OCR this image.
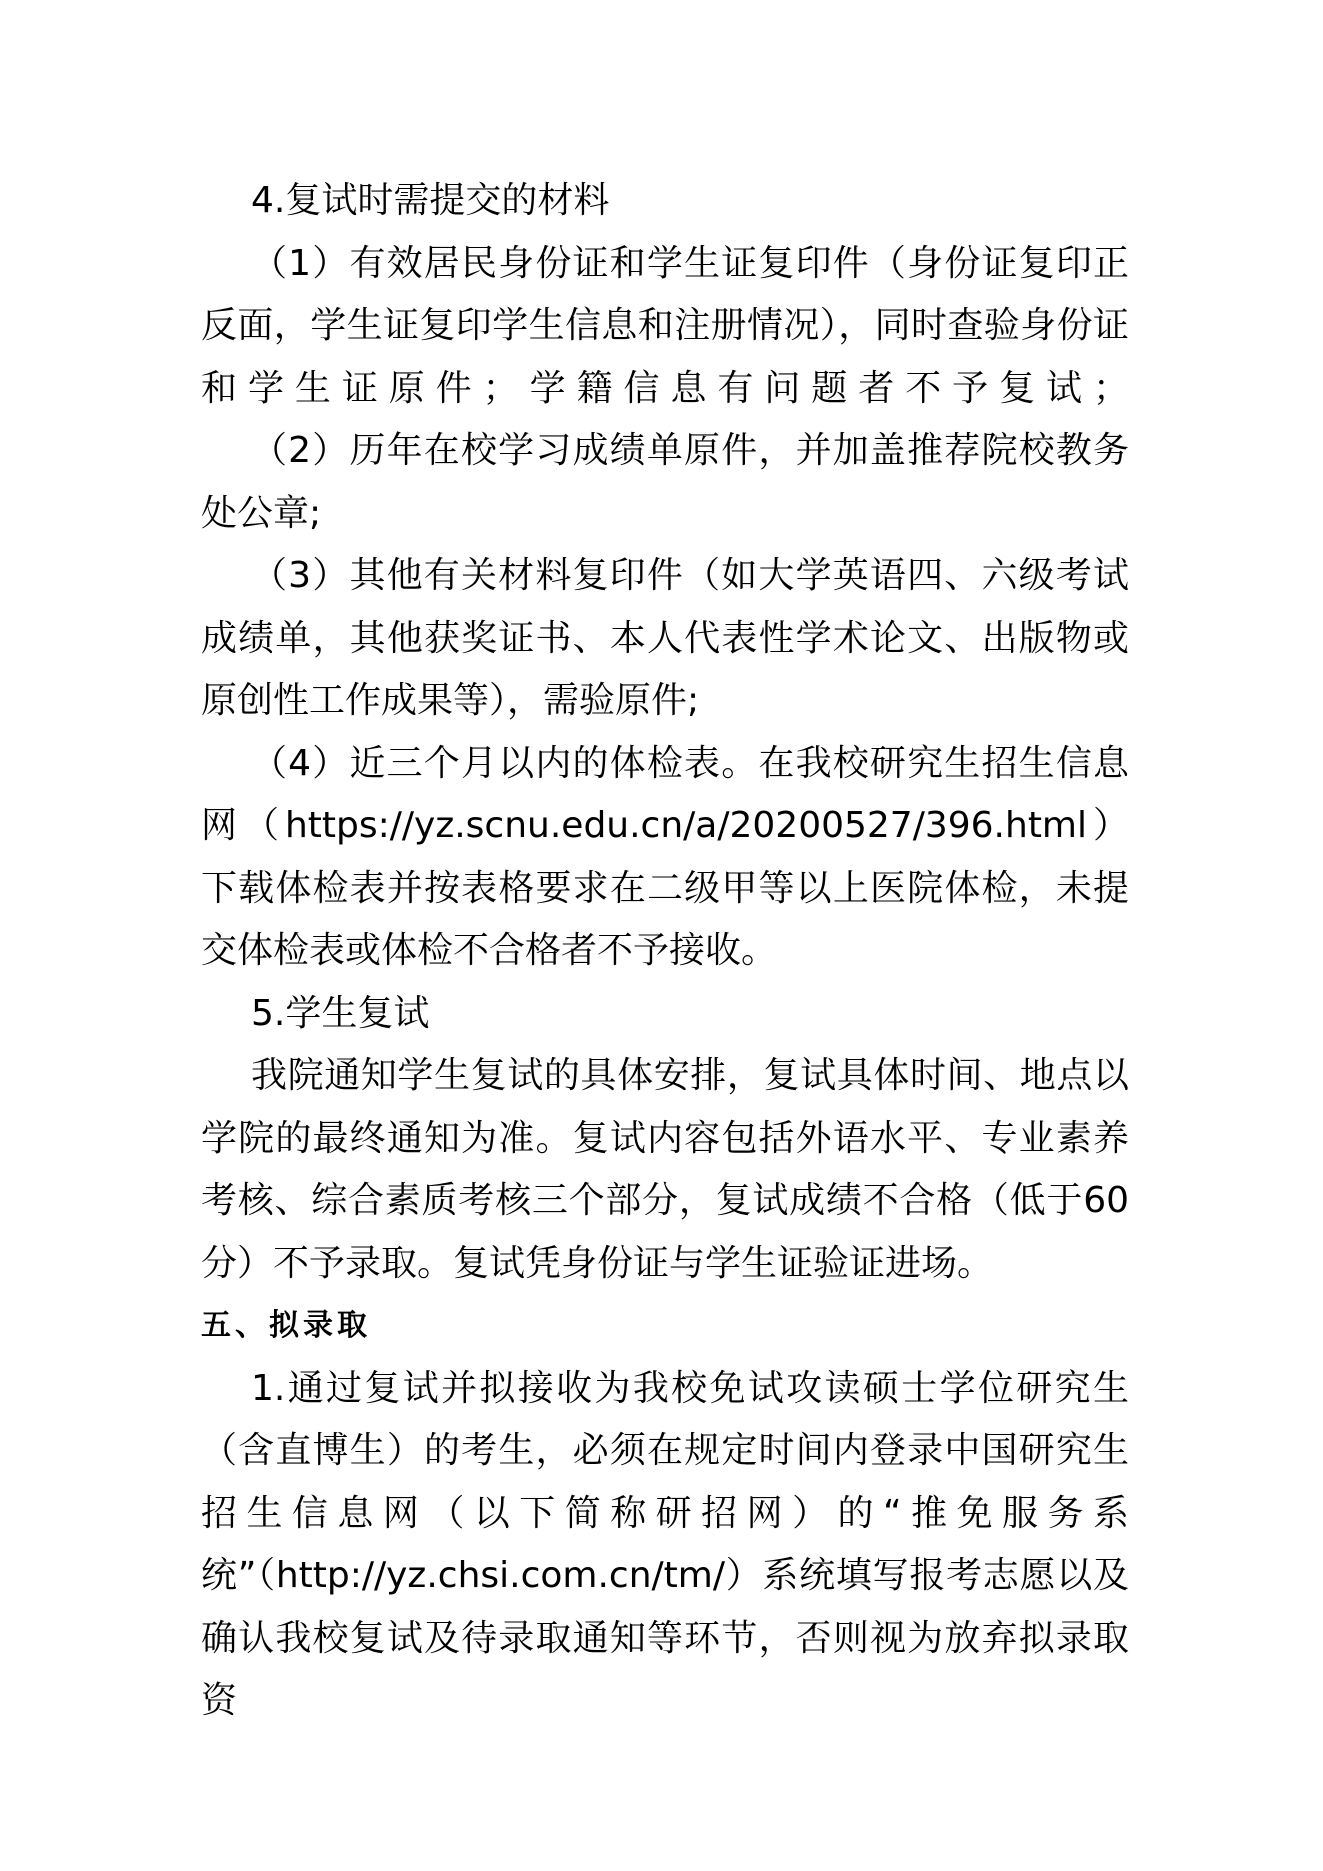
4.复试时需提交的材料

（1）有效居民身份证和学生证复印件（身份证复印正反面，学生证复印学生信息和注册情况），同时查验身份证和学生证原件；学籍信息有问题者不予复试；

（2）历年在校学习成绩单原件，并加盖推荐院校教务处公章;

（3）其他有关材料复印件（如大学英语四、六级考试成绩单，其他获奖证书、本人代表性学术论文、出版物或原创性工作成果等），需验原件;

（4）近三个月以内的体检表。在我校研究生招生信息网（https://yz.scnu.edu.cn/a/20200527/396.html）下载体检表并按表格要求在二级甲等以上医院体检，未提交体检表或体检不合格者不予接收。

5.学生复试

我院通知学生复试的具体安排，复试具体时间、地点以学院的最终通知为准。复试内容包括外语水平、专业素养考核、综合素质考核三个部分，复试成绩不合格（低于60分）不予录取。复试凭身份证与学生证验证进场。

五、拟录取

1.通过复试并拟接收为我校免试攻读硕士学位研究生（含直博生）的考生，必须在规定时间内登录中国研究生招生信息网（以下简称研招网）的“推免服务系统”（http://yz.chsi.com.cn/tm/）系统填写报考志愿以及确认我校复试及待录取通知等环节，否则视为放弃拟录取资
